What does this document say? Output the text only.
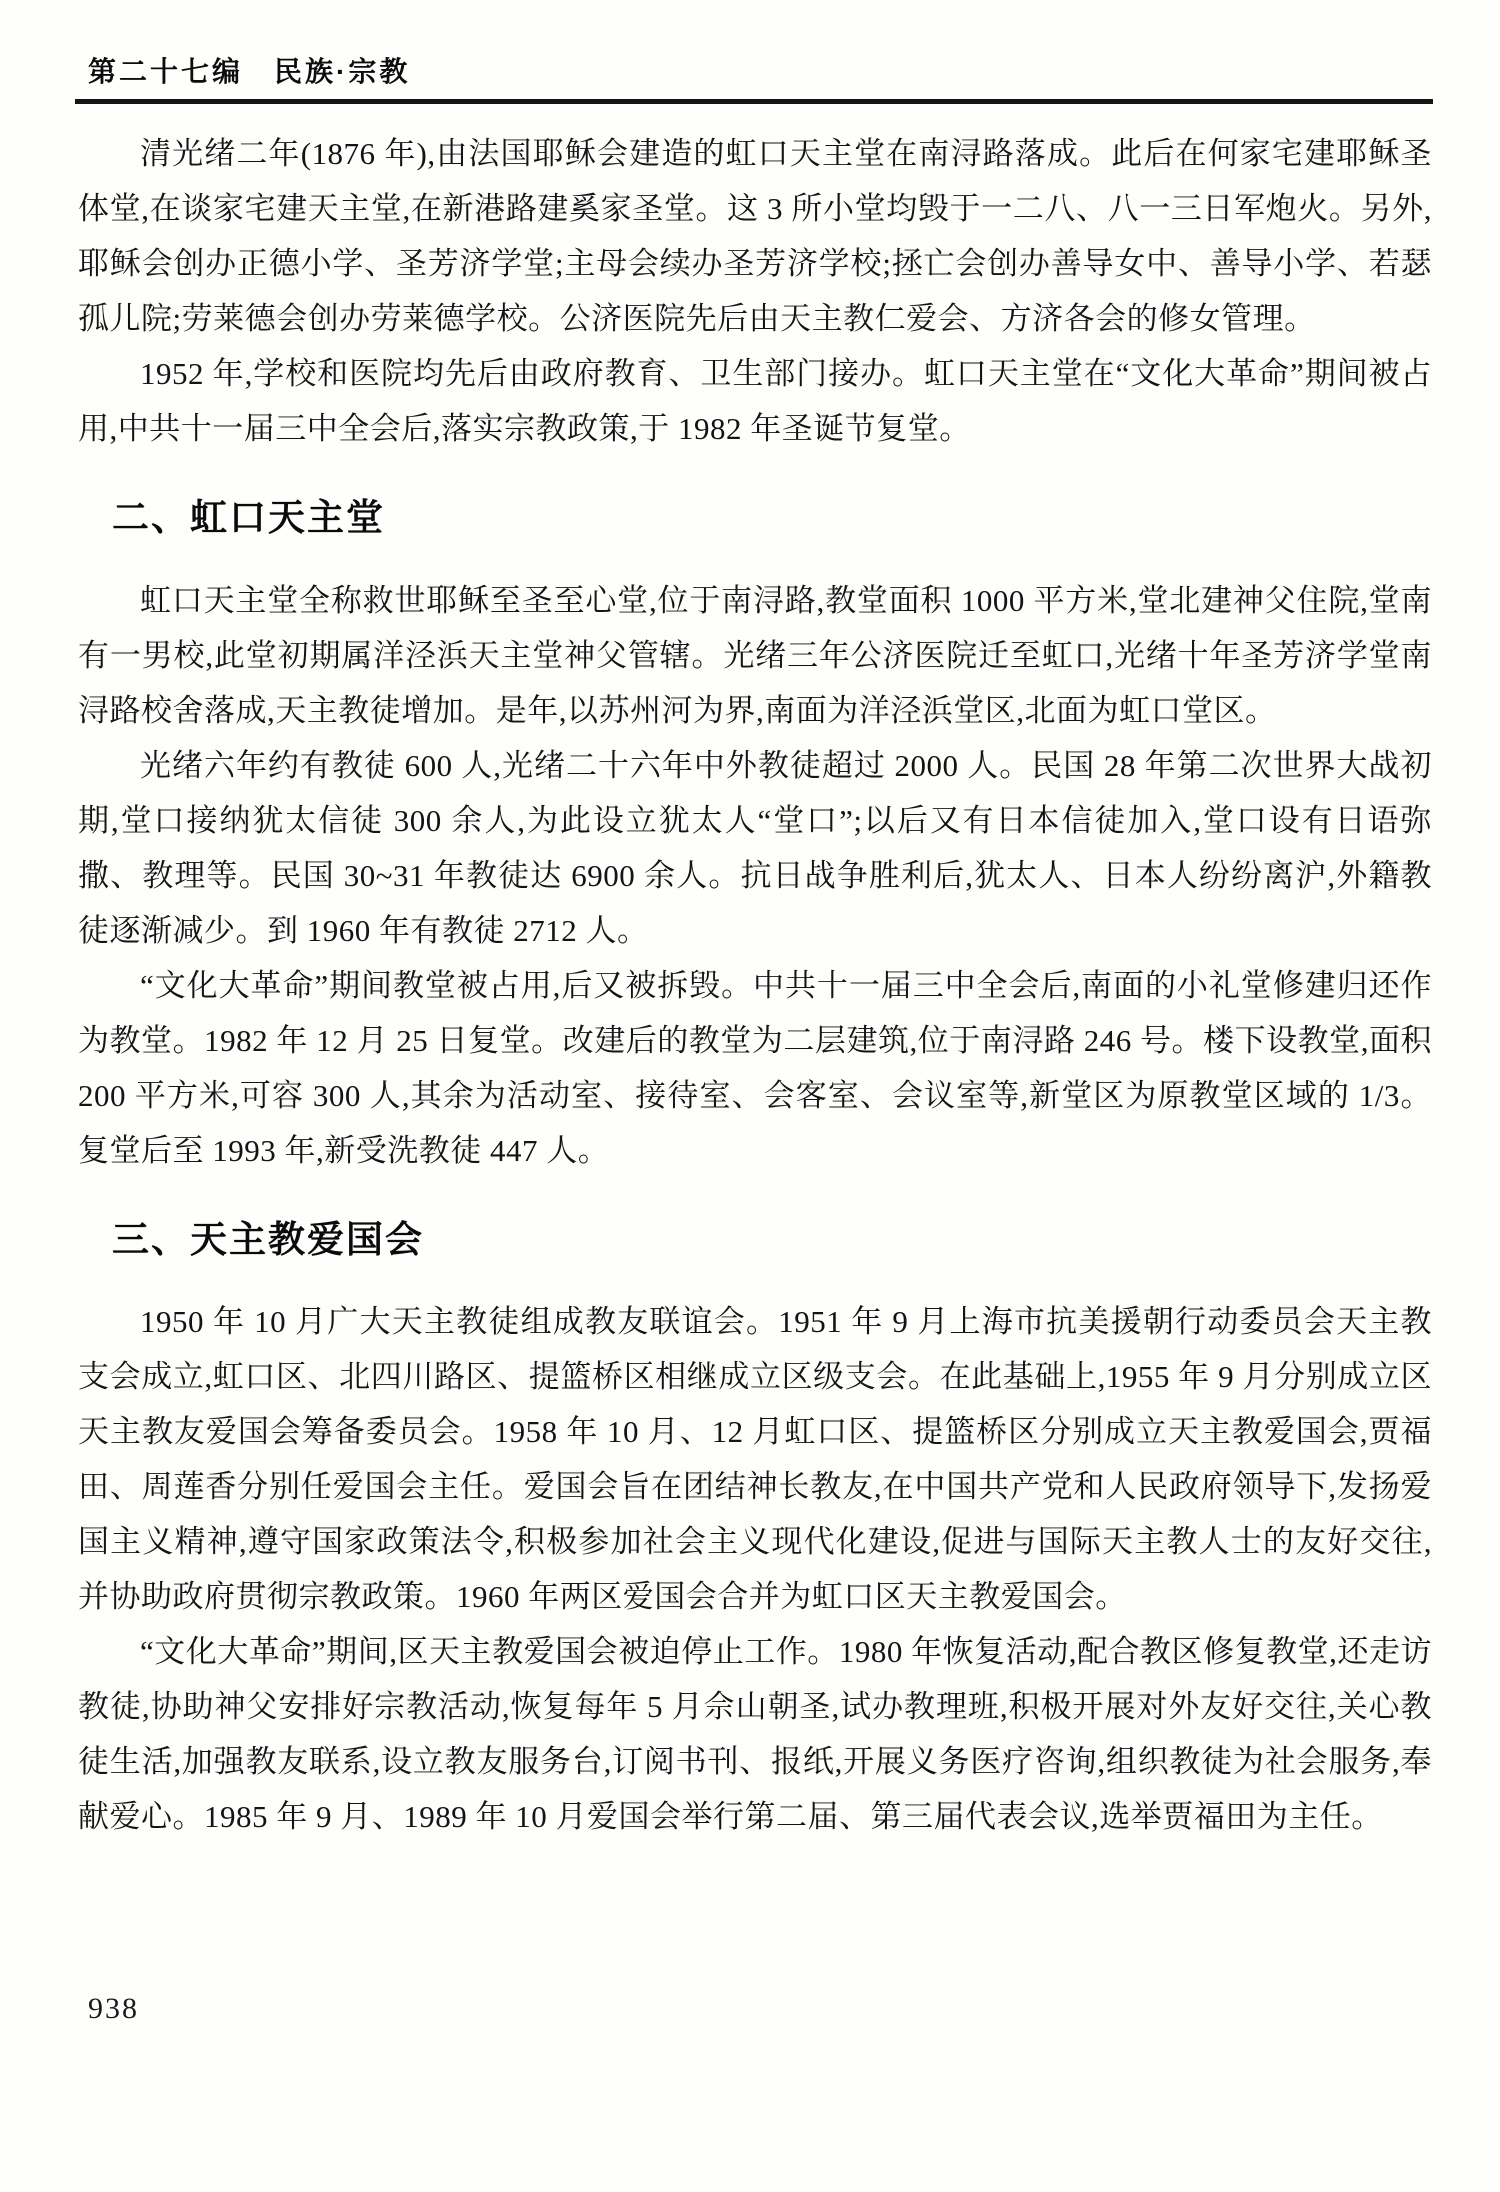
第二十七编　民族·宗教

清光绪二年(1876 年),由法国耶稣会建造的虹口天主堂在南浔路落成。此后在何家宅建耶稣圣体堂,在谈家宅建天主堂,在新港路建奚家圣堂。这 3 所小堂均毁于一二八、八一三日军炮火。另外,耶稣会创办正德小学、圣芳济学堂;主母会续办圣芳济学校;拯亡会创办善导女中、善导小学、若瑟孤儿院;劳莱德会创办劳莱德学校。公济医院先后由天主教仁爱会、方济各会的修女管理。

1952 年,学校和医院均先后由政府教育、卫生部门接办。虹口天主堂在“文化大革命”期间被占用,中共十一届三中全会后,落实宗教政策,于 1982 年圣诞节复堂。

二、虹口天主堂

虹口天主堂全称救世耶稣至圣至心堂,位于南浔路,教堂面积 1000 平方米,堂北建神父住院,堂南有一男校,此堂初期属洋泾浜天主堂神父管辖。光绪三年公济医院迁至虹口,光绪十年圣芳济学堂南浔路校舍落成,天主教徒增加。是年,以苏州河为界,南面为洋泾浜堂区,北面为虹口堂区。

光绪六年约有教徒 600 人,光绪二十六年中外教徒超过 2000 人。民国 28 年第二次世界大战初期,堂口接纳犹太信徒 300 余人,为此设立犹太人“堂口”;以后又有日本信徒加入,堂口设有日语弥撒、教理等。民国 30~31 年教徒达 6900 余人。抗日战争胜利后,犹太人、日本人纷纷离沪,外籍教徒逐渐减少。到 1960 年有教徒 2712 人。

“文化大革命”期间教堂被占用,后又被拆毁。中共十一届三中全会后,南面的小礼堂修建归还作为教堂。1982 年 12 月 25 日复堂。改建后的教堂为二层建筑,位于南浔路 246 号。楼下设教堂,面积 200 平方米,可容 300 人,其余为活动室、接待室、会客室、会议室等,新堂区为原教堂区域的 1/3。复堂后至 1993 年,新受洗教徒 447 人。

三、天主教爱国会

1950 年 10 月广大天主教徒组成教友联谊会。1951 年 9 月上海市抗美援朝行动委员会天主教支会成立,虹口区、北四川路区、提篮桥区相继成立区级支会。在此基础上,1955 年 9 月分别成立区天主教友爱国会筹备委员会。1958 年 10 月、12 月虹口区、提篮桥区分别成立天主教爱国会,贾福田、周莲香分别任爱国会主任。爱国会旨在团结神长教友,在中国共产党和人民政府领导下,发扬爱国主义精神,遵守国家政策法令,积极参加社会主义现代化建设,促进与国际天主教人士的友好交往,并协助政府贯彻宗教政策。1960 年两区爱国会合并为虹口区天主教爱国会。

“文化大革命”期间,区天主教爱国会被迫停止工作。1980 年恢复活动,配合教区修复教堂,还走访教徒,协助神父安排好宗教活动,恢复每年 5 月佘山朝圣,试办教理班,积极开展对外友好交往,关心教徒生活,加强教友联系,设立教友服务台,订阅书刊、报纸,开展义务医疗咨询,组织教徒为社会服务,奉献爱心。1985 年 9 月、1989 年 10 月爱国会举行第二届、第三届代表会议,选举贾福田为主任。

938
